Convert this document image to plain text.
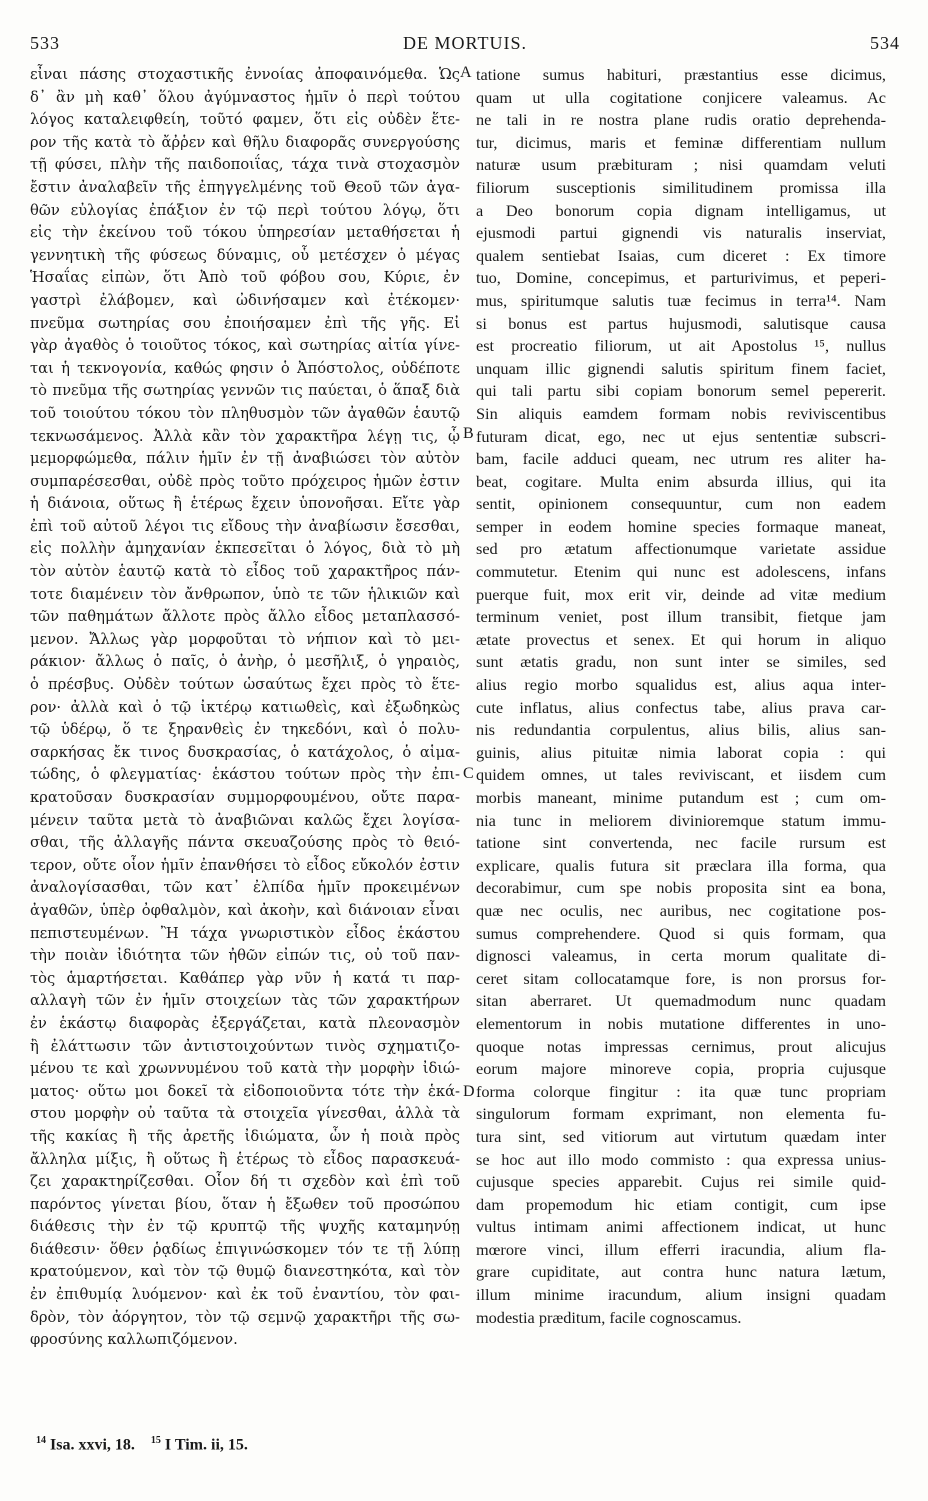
533	DE MORTUIS.	534
εἶναι πάσης στοχαστικῆς ἐννοίας ἀποφαινόμεθα. Ὡς
δ᾽ ἂν μὴ καθ᾽ ὅλου ἀγύμναστος ἡμῖν ὁ περὶ τούτου
λόγος καταλειφθείη, τοῦτό φαμεν, ὅτι εἰς οὐδὲν ἕτε-
ρον τῆς κατὰ τὸ ἄῤῥεν καὶ θῆλυ διαφορᾶς συνεργούσης
τῇ φύσει, πλὴν τῆς παιδοποιΐας, τάχα τινὰ στοχασμὸν
ἔστιν ἀναλαβεῖν τῆς ἐπηγγελμένης τοῦ Θεοῦ τῶν ἀγα-
θῶν εὐλογίας ἐπάξιον ἐν τῷ περὶ τούτου λόγῳ, ὅτι
εἰς τὴν ἐκείνου τοῦ τόκου ὑπηρεσίαν μεταθήσεται ἡ
γεννητικὴ τῆς φύσεως δύναμις, οὗ μετέσχεν ὁ μέγας
Ἡσαΐας εἰπὼν, ὅτι Ἀπὸ τοῦ φόβου σου, Κύριε, ἐν
γαστρὶ ἐλάβομεν, καὶ ὠδινήσαμεν καὶ ἐτέκομεν·
πνεῦμα σωτηρίας σου ἐποιήσαμεν ἐπὶ τῆς γῆς. Εἰ
γὰρ ἀγαθὸς ὁ τοιοῦτος τόκος, καὶ σωτηρίας αἰτία γίνε-
ται ἡ τεκνογονία, καθώς φησιν ὁ Ἀπόστολος, οὐδέποτε
τὸ πνεῦμα τῆς σωτηρίας γεννῶν τις παύεται, ὁ ἅπαξ διὰ
τοῦ τοιούτου τόκου τὸν πληθυσμὸν τῶν ἀγαθῶν ἑαυτῷ
τεκνωσάμενος. Ἀλλὰ κἂν τὸν χαρακτῆρα λέγῃ τις, ᾧ
μεμορφώμεθα, πάλιν ἡμῖν ἐν τῇ ἀναβιώσει τὸν αὐτὸν
συμπαρέσεσθαι, οὐδὲ πρὸς τοῦτο πρόχειρος ἡμῶν ἐστιν
ἡ διάνοια, οὕτως ἢ ἑτέρως ἔχειν ὑπονοῆσαι. Εἴτε γὰρ
ἐπὶ τοῦ αὐτοῦ λέγοι τις εἴδους τὴν ἀναβίωσιν ἔσεσθαι,
εἰς πολλὴν ἀμηχανίαν ἐκπεσεῖται ὁ λόγος, διὰ τὸ μὴ
τὸν αὐτὸν ἑαυτῷ κατὰ τὸ εἶδος τοῦ χαρακτῆρος πάν-
τοτε διαμένειν τὸν ἄνθρωπον, ὑπὸ τε τῶν ἡλικιῶν καὶ
τῶν παθημάτων ἄλλοτε πρὸς ἄλλο εἶδος μεταπλασσό-
μενον. Ἄλλως γὰρ μορφοῦται τὸ νήπιον καὶ τὸ μει-
ράκιον· ἄλλως ὁ παῖς, ὁ ἀνὴρ, ὁ μεσῆλιξ, ὁ γηραιὸς,
ὁ πρέσβυς. Οὐδὲν τούτων ὡσαύτως ἔχει πρὸς τὸ ἕτε-
ρον· ἀλλὰ καὶ ὁ τῷ ἰκτέρῳ κατιωθεὶς, καὶ ἐξωδηκὼς
τῷ ὑδέρῳ, ὅ τε ξηρανθεὶς ἐν τηκεδόνι, καὶ ὁ πολυ-
σαρκήσας ἔκ τινος δυσκρασίας, ὁ κατάχολος, ὁ αἱμα-
τώδης, ὁ φλεγματίας· ἑκάστου τούτων πρὸς τὴν ἐπι-
κρατοῦσαν δυσκρασίαν συμμορφουμένου, οὔτε παρα-
μένειν ταῦτα μετὰ τὸ ἀναβιῶναι καλῶς ἔχει λογίσα-
σθαι, τῆς ἀλλαγῆς πάντα σκευαζούσης πρὸς τὸ θειό-
τερον, οὔτε οἷον ἡμῖν ἐπανθήσει τὸ εἶδος εὔκολόν ἐστιν
ἀναλογίσασθαι, τῶν κατ᾽ ἐλπίδα ἡμῖν προκειμένων
ἀγαθῶν, ὑπὲρ ὀφθαλμὸν, καὶ ἀκοὴν, καὶ διάνοιαν εἶναι
πεπιστευμένων. Ἢ τάχα γνωριστικὸν εἶδος ἑκάστου
τὴν ποιὰν ἰδιότητα τῶν ἠθῶν εἰπών τις, οὐ τοῦ παν-
τὸς ἁμαρτήσεται. Καθάπερ γὰρ νῦν ἡ κατά τι παρ-
αλλαγὴ τῶν ἐν ἡμῖν στοιχείων τὰς τῶν χαρακτήρων
ἐν ἑκάστῳ διαφορὰς ἐξεργάζεται, κατὰ πλεονασμὸν
ἢ ἐλάττωσιν τῶν ἀντιστοιχούντων τινὸς σχηματιζο-
μένου τε καὶ χρωννυμένου τοῦ κατὰ τὴν μορφὴν ἰδιώ-
ματος· οὕτω μοι δοκεῖ τὰ εἰδοποιοῦντα τότε τὴν ἑκά-
στου μορφὴν οὐ ταῦτα τὰ στοιχεῖα γίνεσθαι, ἀλλὰ τὰ
τῆς κακίας ἢ τῆς ἀρετῆς ἰδιώματα, ὧν ἡ ποιὰ πρὸς
ἄλληλα μίξις, ἢ οὕτως ἢ ἑτέρως τὸ εἶδος παρασκευά-
ζει χαρακτηρίζεσθαι. Οἷον δή τι σχεδὸν καὶ ἐπὶ τοῦ
παρόντος γίνεται βίου, ὅταν ἡ ἔξωθεν τοῦ προσώπου
διάθεσις τὴν ἐν τῷ κρυπτῷ τῆς ψυχῆς καταμηνύῃ
διάθεσιν· ὅθεν ῥᾳδίως ἐπιγινώσκομεν τόν τε τῇ λύπῃ
κρατούμενον, καὶ τὸν τῷ θυμῷ διανεστηκότα, καὶ τὸν
ἐν ἐπιθυμίᾳ λυόμενον· καὶ ἐκ τοῦ ἐναντίου, τὸν φαι-
δρὸν, τὸν ἀόργητον, τὸν τῷ σεμνῷ χαρακτῆρι τῆς σω-
φροσύνης καλλωπιζόμενον.
tatione sumus habituri, præstantius esse dicimus,
quam ut ulla cogitatione conjicere valeamus. Ac
ne tali in re nostra plane rudis oratio deprehenda-
tur, dicimus, maris et feminæ differentiam nullum
naturæ usum præbituram ; nisi quamdam veluti
filiorum susceptionis similitudinem promissa illa
a Deo bonorum copia dignam intelligamus, ut
ejusmodi partui gignendi vis naturalis inserviat,
qualem sentiebat Isaias, cum diceret : Ex timore
tuo, Domine, concepimus, et parturivimus, et peperi-
mus, spiritumque salutis tuæ fecimus in terra¹⁴. Nam
si bonus est partus hujusmodi, salutisque causa
est procreatio filiorum, ut ait Apostolus ¹⁵, nullus
unquam illic gignendi salutis spiritum finem faciet,
qui tali partu sibi copiam bonorum semel pepererit.
Sin aliquis eamdem formam nobis reviviscentibus
futuram dicat, ego, nec ut ejus sententiæ subscri-
bam, facile adduci queam, nec utrum res aliter ha-
beat, cogitare. Multa enim absurda illius, qui ita
sentit, opinionem consequuntur, cum non eadem
semper in eodem homine species formaque maneat,
sed pro ætatum affectionumque varietate assidue
commutetur. Etenim qui nunc est adolescens, infans
puerque fuit, mox erit vir, deinde ad vitæ medium
terminum veniet, post illum transibit, fietque jam
ætate provectus et senex. Et qui horum in aliquo
sunt ætatis gradu, non sunt inter se similes, sed
alius regio morbo squalidus est, alius aqua inter-
cute inflatus, alius confectus tabe, alius prava car-
nis redundantia corpulentus, alius bilis, alius san-
guinis, alius pituitæ nimia laborat copia : qui
quidem omnes, ut tales reviviscant, et iisdem cum
morbis maneant, minime putandum est ; cum om-
nia tunc in meliorem divinioremque statum immu-
tatione sint convertenda, nec facile rursum est
explicare, qualis futura sit præclara illa forma, qua
decorabimur, cum spe nobis proposita sint ea bona,
quæ nec oculis, nec auribus, nec cogitatione pos-
sumus comprehendere. Quod si quis formam, qua
dignosci valeamus, in certa morum qualitate di-
ceret sitam collocatamque fore, is non prorsus for-
sitan aberraret. Ut quemadmodum nunc quadam
elementorum in nobis mutatione differentes in uno-
quoque notas impressas cernimus, prout alicujus
eorum majore minoreve copia, propria cujusque
forma colorque fingitur : ita quæ tunc propriam
singulorum formam exprimant, non elementa fu-
tura sint, sed vitiorum aut virtutum quædam inter
se hoc aut illo modo commisto : qua expressa unius-
cujusque species apparebit. Cujus rei simile quid-
dam propemodum hic etiam contigit, cum ipse
vultus intimam animi affectionem indicat, ut hunc
mœrore vinci, illum efferri iracundia, alium fla-
grare cupiditate, aut contra hunc natura lætum,
illum minime iracundum, alium insigni quadam
modestia præditum, facile cognoscamus.
A
B
C
D
$^{14}$ Isa. xxvi, 18. $^{15}$ I Tim. ii, 15.
